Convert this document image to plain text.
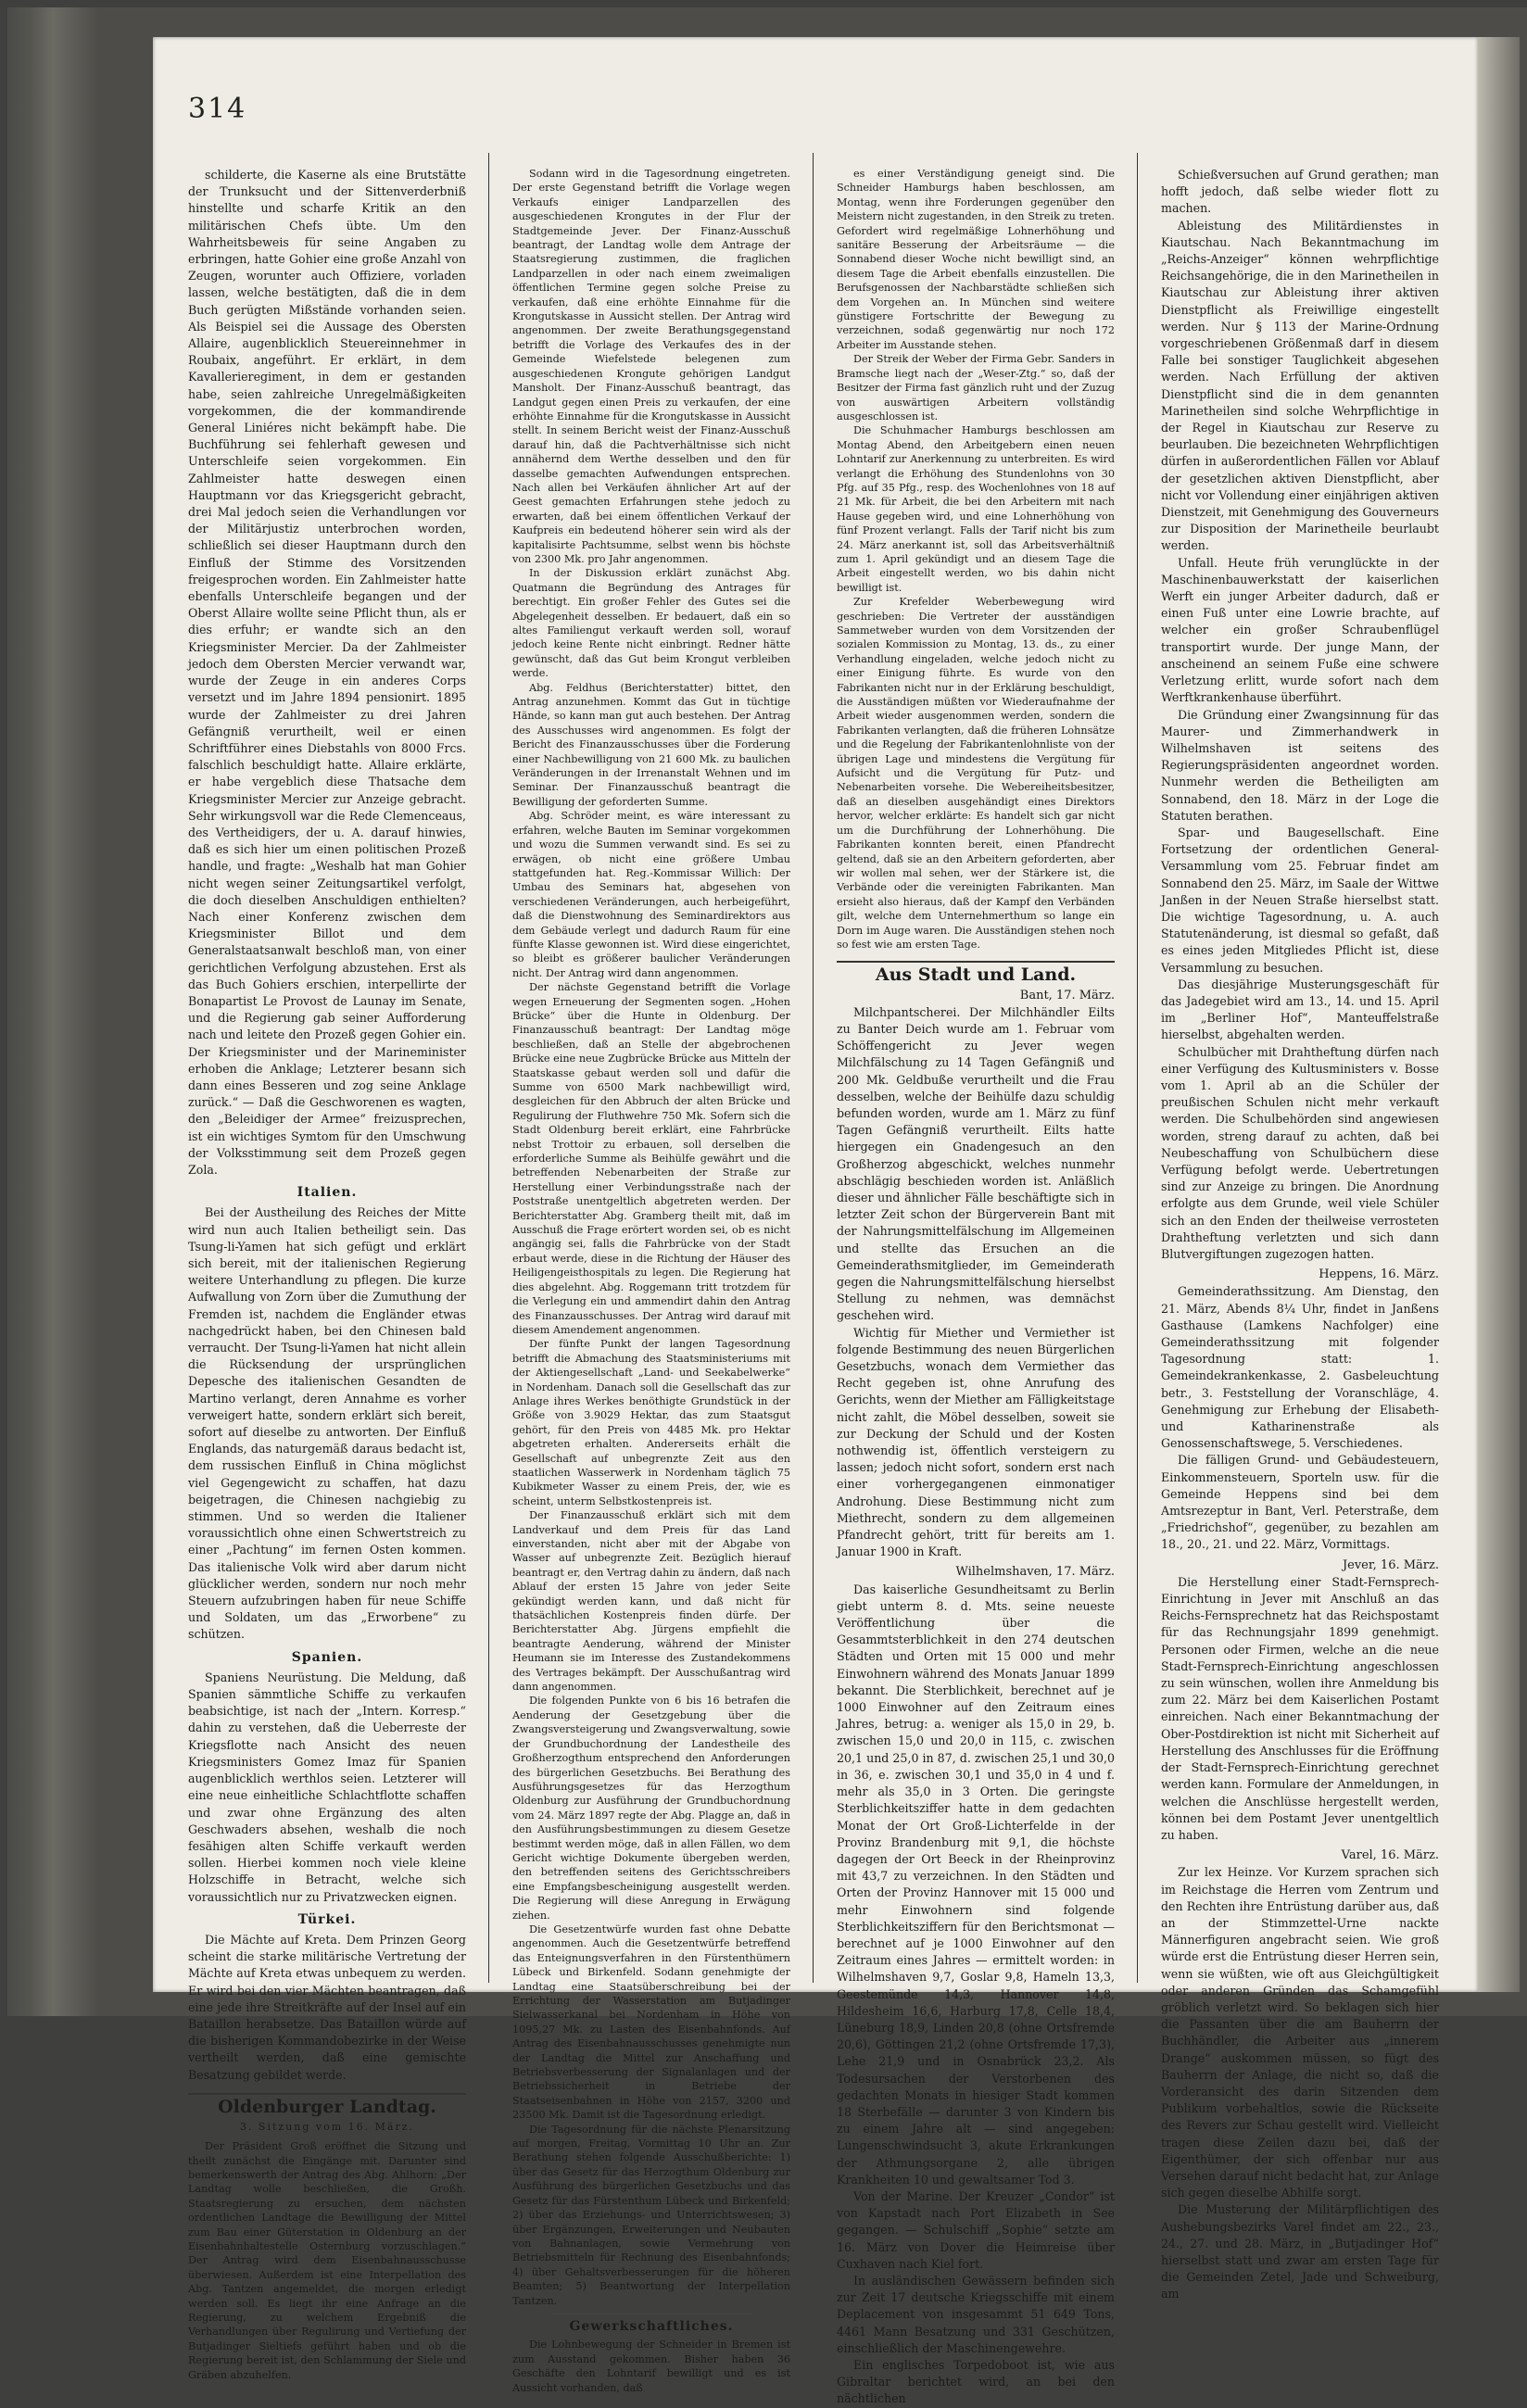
314

schilderte, die Kaserne als eine Brutstätte der Trunksucht und der Sittenverderbniß hinstellte und scharfe Kritik an den militärischen Chefs übte. Um den Wahrheitsbeweis für seine Angaben zu erbringen, hatte Gohier eine große Anzahl von Zeugen, worunter auch Offiziere, vorladen lassen, welche bestätigten, daß die in dem Buch gerügten Mißstände vorhanden seien. Als Beispiel sei die Aussage des Obersten Allaire, augenblicklich Steuereinnehmer in Roubaix, angeführt. Er erklärt, in dem Kavallerieregiment, in dem er gestanden habe, seien zahlreiche Unregelmäßigkeiten vorgekommen, die der kommandirende General Liniéres nicht bekämpft habe. Die Buchführung sei fehlerhaft gewesen und Unterschleife seien vorgekommen. Ein Zahlmeister hatte deswegen einen Hauptmann vor das Kriegsgericht gebracht, drei Mal jedoch seien die Verhandlungen vor der Militärjustiz unterbrochen worden, schließlich sei dieser Hauptmann durch den Einfluß der Stimme des Vorsitzenden freigesprochen worden. Ein Zahlmeister hatte ebenfalls Unterschleife begangen und der Oberst Allaire wollte seine Pflicht thun, als er dies erfuhr; er wandte sich an den Kriegsminister Mercier. Da der Zahlmeister jedoch dem Obersten Mercier verwandt war, wurde der Zeuge in ein anderes Corps versetzt und im Jahre 1894 pensionirt. 1895 wurde der Zahlmeister zu drei Jahren Gefängniß verurtheilt, weil er einen Schriftführer eines Diebstahls von 8000 Frcs. falschlich beschuldigt hatte. Allaire erklärte, er habe vergeblich diese Thatsache dem Kriegsminister Mercier zur Anzeige gebracht. Sehr wirkungsvoll war die Rede Clemenceaus, des Vertheidigers, der u. A. darauf hinwies, daß es sich hier um einen politischen Prozeß handle, und fragte: „Weshalb hat man Gohier nicht wegen seiner Zeitungsartikel verfolgt, die doch dieselben Anschuldigen enthielten? Nach einer Konferenz zwischen dem Kriegsminister Billot und dem Generalstaatsanwalt beschloß man, von einer gerichtlichen Verfolgung abzustehen. Erst als das Buch Gohiers erschien, interpellirte der Bonapartist Le Provost de Launay im Senate, und die Regierung gab seiner Aufforderung nach und leitete den Prozeß gegen Gohier ein. Der Kriegsminister und der Marineminister erhoben die Anklage; Letzterer besann sich dann eines Besseren und zog seine Anklage zurück.“ — Daß die Geschworenen es wagten, den „Beleidiger der Armee“ freizusprechen, ist ein wichtiges Symtom für den Umschwung der Volksstimmung seit dem Prozeß gegen Zola.

Italien.

Bei der Austheilung des Reiches der Mitte wird nun auch Italien betheiligt sein. Das Tsung-li-Yamen hat sich gefügt und erklärt sich bereit, mit der italienischen Regierung weitere Unterhandlung zu pflegen. Die kurze Aufwallung von Zorn über die Zumuthung der Fremden ist, nachdem die Engländer etwas nachgedrückt haben, bei den Chinesen bald verraucht. Der Tsung-li-Yamen hat nicht allein die Rücksendung der ursprünglichen Depesche des italienischen Gesandten de Martino verlangt, deren Annahme es vorher verweigert hatte, sondern erklärt sich bereit, sofort auf dieselbe zu antworten. Der Einfluß Englands, das naturgemäß daraus bedacht ist, dem russischen Einfluß in China möglichst viel Gegengewicht zu schaffen, hat dazu beigetragen, die Chinesen nachgiebig zu stimmen. Und so werden die Italiener voraussichtlich ohne einen Schwertstreich zu einer „Pachtung“ im fernen Osten kommen. Das italienische Volk wird aber darum nicht glücklicher werden, sondern nur noch mehr Steuern aufzubringen haben für neue Schiffe und Soldaten, um das „Erworbene“ zu schützen.

Spanien.

Spaniens Neurüstung. Die Meldung, daß Spanien sämmtliche Schiffe zu verkaufen beabsichtige, ist nach der „Intern. Korresp.“ dahin zu verstehen, daß die Ueberreste der Kriegsflotte nach Ansicht des neuen Kriegsministers Gomez Imaz für Spanien augenblicklich werthlos seien. Letzterer will eine neue einheitliche Schlachtflotte schaffen und zwar ohne Ergänzung des alten Geschwaders absehen, weshalb die noch fesähigen alten Schiffe verkauft werden sollen. Hierbei kommen noch viele kleine Holzschiffe in Betracht, welche sich voraussichtlich nur zu Privatzwecken eignen.

Türkei.

Die Mächte auf Kreta. Dem Prinzen Georg scheint die starke militärische Vertretung der Mächte auf Kreta etwas unbequem zu werden. Er wird bei den vier Mächten beantragen, daß eine jede ihre Streitkräfte auf der Insel auf ein Bataillon herabsetze. Das Bataillon würde auf die bisherigen Kommandobezirke in der Weise vertheilt werden, daß eine gemischte Besatzung gebildet werde.

Oldenburger Landtag.
3. Sitzung vom 16. März.

Der Präsident Groß eröffnet die Sitzung und theilt zunächst die Eingänge mit. Darunter sind bemerkenswerth der Antrag des Abg. Ahlhorn: „Der Landtag wolle beschließen, die Großh. Staatsregierung zu ersuchen, dem nächsten ordentlichen Landtage die Bewilligung der Mittel zum Bau einer Güterstation in Oldenburg an der Eisenbahnhaltestelle Osternburg vorzuschlagen.“ Der Antrag wird dem Eisenbahnausschusse überwiesen. Außerdem ist eine Interpellation des Abg. Tantzen angemeldet, die morgen erledigt werden soll. Es liegt ihr eine Anfrage an die Regierung, zu welchem Ergebniß die Verhandlungen über Regulirung und Vertiefung der Butjadinger Sieltiefs geführt haben und ob die Regierung bereit ist, den Schlammung der Siele und Gräben abzuhelfen.

Sodann wird in die Tagesordnung eingetreten. Der erste Gegenstand betrifft die Vorlage wegen Verkaufs einiger Landparzellen des ausgeschiedenen Krongutes in der Flur der Stadtgemeinde Jever. Der Finanz-Ausschuß beantragt, der Landtag wolle dem Antrage der Staatsregierung zustimmen, die fraglichen Landparzellen in oder nach einem zweimaligen öffentlichen Termine gegen solche Preise zu verkaufen, daß eine erhöhte Einnahme für die Krongutskasse in Aussicht stellen. Der Antrag wird angenommen. Der zweite Berathungsgegenstand betrifft die Vorlage des Verkaufes des in der Gemeinde Wiefelstede belegenen zum ausgeschiedenen Krongute gehörigen Landgut Mansholt. Der Finanz-Ausschuß beantragt, das Landgut gegen einen Preis zu verkaufen, der eine erhöhte Einnahme für die Krongutskasse in Aussicht stellt. In seinem Bericht weist der Finanz-Ausschuß darauf hin, daß die Pachtverhältnisse sich nicht annähernd dem Werthe desselben und den für dasselbe gemachten Aufwendungen entsprechen. Nach allen bei Verkäufen ähnlicher Art auf der Geest gemachten Erfahrungen stehe jedoch zu erwarten, daß bei einem öffentlichen Verkauf der Kaufpreis ein bedeutend höherer sein wird als der kapitalisirte Pachtsumme, selbst wenn bis höchste von 2300 Mk. pro Jahr angenommen.

In der Diskussion erklärt zunächst Abg. Quatmann die Begründung des Antrages für berechtigt. Ein großer Fehler des Gutes sei die Abgelegenheit desselben. Er bedauert, daß ein so altes Familiengut verkauft werden soll, worauf jedoch keine Rente nicht einbringt. Redner hätte gewünscht, daß das Gut beim Krongut verbleiben werde.

Abg. Feldhus (Berichterstatter) bittet, den Antrag anzunehmen. Kommt das Gut in tüchtige Hände, so kann man gut auch bestehen. Der Antrag des Ausschusses wird angenommen. Es folgt der Bericht des Finanzausschusses über die Forderung einer Nachbewilligung von 21 600 Mk. zu baulichen Veränderungen in der Irrenanstalt Wehnen und im Seminar. Der Finanzausschuß beantragt die Bewilligung der geforderten Summe.

Abg. Schröder meint, es wäre interessant zu erfahren, welche Bauten im Seminar vorgekommen und wozu die Summen verwandt sind. Es sei zu erwägen, ob nicht eine größere Umbau stattgefunden hat. Reg.-Kommissar Willich: Der Umbau des Seminars hat, abgesehen von verschiedenen Veränderungen, auch herbeigeführt, daß die Dienstwohnung des Seminardirektors aus dem Gebäude verlegt und dadurch Raum für eine fünfte Klasse gewonnen ist. Wird diese eingerichtet, so bleibt es größerer baulicher Veränderungen nicht. Der Antrag wird dann angenommen.

Der nächste Gegenstand betrifft die Vorlage wegen Erneuerung der Segmenten sogen. „Hohen Brücke“ über die Hunte in Oldenburg. Der Finanzausschuß beantragt: Der Landtag möge beschließen, daß an Stelle der abgebrochenen Brücke eine neue Zugbrücke Brücke aus Mitteln der Staatskasse gebaut werden soll und dafür die Summe von 6500 Mark nachbewilligt wird, desgleichen für den Abbruch der alten Brücke und Regulirung der Fluthwehre 750 Mk. Sofern sich die Stadt Oldenburg bereit erklärt, eine Fahrbrücke nebst Trottoir zu erbauen, soll derselben die erforderliche Summe als Beihülfe gewährt und die betreffenden Nebenarbeiten der Straße zur Herstellung einer Verbindungsstraße nach der Poststraße unentgeltlich abgetreten werden. Der Berichterstatter Abg. Gramberg theilt mit, daß im Ausschuß die Frage erörtert worden sei, ob es nicht angängig sei, falls die Fahrbrücke von der Stadt erbaut werde, diese in die Richtung der Häuser des Heiligengeisthospitals zu legen. Die Regierung hat dies abgelehnt. Abg. Roggemann tritt trotzdem für die Verlegung ein und ammendirt dahin den Antrag des Finanzausschusses. Der Antrag wird darauf mit diesem Amendement angenommen.

Der fünfte Punkt der langen Tagesordnung betrifft die Abmachung des Staatsministeriums mit der Aktiengesellschaft „Land- und Seekabelwerke“ in Nordenham. Danach soll die Gesellschaft das zur Anlage ihres Werkes benöthigte Grundstück in der Größe von 3.9029 Hektar, das zum Staatsgut gehört, für den Preis von 4485 Mk. pro Hektar abgetreten erhalten. Andererseits erhält die Gesellschaft auf unbegrenzte Zeit aus den staatlichen Wasserwerk in Nordenham täglich 75 Kubikmeter Wasser zu einem Preis, der, wie es scheint, unterm Selbstkostenpreis ist.

Der Finanzausschuß erklärt sich mit dem Landverkauf und dem Preis für das Land einverstanden, nicht aber mit der Abgabe von Wasser auf unbegrenzte Zeit. Bezüglich hierauf beantragt er, den Vertrag dahin zu ändern, daß nach Ablauf der ersten 15 Jahre von jeder Seite gekündigt werden kann, und daß nicht für thatsächlichen Kostenpreis finden dürfe. Der Berichterstatter Abg. Jürgens empfiehlt die beantragte Aenderung, während der Minister Heumann sie im Interesse des Zustandekommens des Vertrages bekämpft. Der Ausschußantrag wird dann angenommen.

Die folgenden Punkte von 6 bis 16 betrafen die Aenderung der Gesetzgebung über die Zwangsversteigerung und Zwangsverwaltung, sowie der Grundbuchordnung der Landestheile des Großherzogthum entsprechend den Anforderungen des bürgerlichen Gesetzbuchs. Bei Berathung des Ausführungsgesetzes für das Herzogthum Oldenburg zur Ausführung der Grundbuchordnung vom 24. März 1897 regte der Abg. Plagge an, daß in den Ausführungsbestimmungen zu diesem Gesetze bestimmt werden möge, daß in allen Fällen, wo dem Gericht wichtige Dokumente übergeben werden, den betreffenden seitens des Gerichtsschreibers eine Empfangsbescheinigung ausgestellt werden. Die Regierung will diese Anregung in Erwägung ziehen.

Die Gesetzentwürfe wurden fast ohne Debatte angenommen. Auch die Gesetzentwürfe betreffend das Enteignungsverfahren in den Fürstenthümern Lübeck und Birkenfeld. Sodann genehmigte der Landtag eine Staatsüberschreibung bei der Errichtung der Wasserstation am Butjadinger Sielwasserkanal bei Nordenham in Höhe von 1095,27 Mk. zu Lasten des Eisenbahnfonds. Auf Antrag des Eisenbahnausschusses genehmigte nun der Landtag die Mittel zur Anschaffung und Betriebsverbesserung der Signalanlagen und der Betriebssicherheit in Betriebe der Staatseisenbahnen in Höhe von 2157, 3200 und 23500 Mk. Damit ist die Tagesordnung erledigt.

Die Tagesordnung für die nächste Plenarsitzung auf morgen, Freitag, Vormittag 10 Uhr an. Zur Berathung stehen folgende Ausschußberichte: 1) über das Gesetz für das Herzogthum Oldenburg zur Ausführung des bürgerlichen Gesetzbuchs und das Gesetz für das Fürstenthum Lübeck und Birkenfeld; 2) über das Erziehungs- und Unterrichtswesen; 3) über Ergänzungen, Erweiterungen und Neubauten von Bahnanlagen, sowie Vermehrung von Betriebsmitteln für Rechnung des Eisenbahnfonds; 4) über Gehaltsverbesserungen für die höheren Beamten; 5) Beantwortung der Interpellation Tantzen.

Gewerkschaftliches.

Die Lohnbewegung der Schneider in Bremen ist zum Ausstand gekommen. Bisher haben 36 Geschäfte den Lohntarif bewilligt und es ist Aussicht vorhanden, daß

es einer Verständigung geneigt sind. Die Schneider Hamburgs haben beschlossen, am Montag, wenn ihre Forderungen gegenüber den Meistern nicht zugestanden, in den Streik zu treten. Gefordert wird regelmäßige Lohnerhöhung und sanitäre Besserung der Arbeitsräume — die Sonnabend dieser Woche nicht bewilligt sind, an diesem Tage die Arbeit ebenfalls einzustellen. Die Berufsgenossen der Nachbarstädte schließen sich dem Vorgehen an. In München sind weitere günstigere Fortschritte der Bewegung zu verzeichnen, sodaß gegenwärtig nur noch 172 Arbeiter im Ausstande stehen.

Der Streik der Weber der Firma Gebr. Sanders in Bramsche liegt nach der „Weser-Ztg.“ so, daß der Besitzer der Firma fast gänzlich ruht und der Zuzug von auswärtigen Arbeitern vollständig ausgeschlossen ist.

Die Schuhmacher Hamburgs beschlossen am Montag Abend, den Arbeitgebern einen neuen Lohntarif zur Anerkennung zu unterbreiten. Es wird verlangt die Erhöhung des Stundenlohns von 30 Pfg. auf 35 Pfg., resp. des Wochenlohnes von 18 auf 21 Mk. für Arbeit, die bei den Arbeitern mit nach Hause gegeben wird, und eine Lohnerhöhung von fünf Prozent verlangt. Falls der Tarif nicht bis zum 24. März anerkannt ist, soll das Arbeitsverhältniß zum 1. April gekündigt und an diesem Tage die Arbeit eingestellt werden, wo bis dahin nicht bewilligt ist.

Zur Krefelder Weberbewegung wird geschrieben: Die Vertreter der ausständigen Sammetweber wurden von dem Vorsitzenden der sozialen Kommission zu Montag, 13. ds., zu einer Verhandlung eingeladen, welche jedoch nicht zu einer Einigung führte. Es wurde von den Fabrikanten nicht nur in der Erklärung beschuldigt, die Ausständigen müßten vor Wiederaufnahme der Arbeit wieder ausgenommen werden, sondern die Fabrikanten verlangten, daß die früheren Lohnsätze und die Regelung der Fabrikantenlohnliste von der übrigen Lage und mindestens die Vergütung für Aufsicht und die Vergütung für Putz- und Nebenarbeiten vorsehe. Die Webereiheitsbesitzer, daß an dieselben ausgehändigt eines Direktors hervor, welcher erklärte: Es handelt sich gar nicht um die Durchführung der Lohnerhöhung. Die Fabrikanten konnten bereit, einen Pfandrecht geltend, daß sie an den Arbeitern geforderten, aber wir wollen mal sehen, wer der Stärkere ist, die Verbände oder die vereinigten Fabrikanten. Man ersieht also hieraus, daß der Kampf den Verbänden gilt, welche dem Unternehmerthum so lange ein Dorn im Auge waren. Die Ausständigen stehen noch so fest wie am ersten Tage.

Aus Stadt und Land.
Bant, 17. März.

Milchpantscherei. Der Milchhändler Eilts zu Banter Deich wurde am 1. Februar vom Schöffengericht zu Jever wegen Milchfälschung zu 14 Tagen Gefängniß und 200 Mk. Geldbuße verurtheilt und die Frau desselben, welche der Beihülfe dazu schuldig befunden worden, wurde am 1. März zu fünf Tagen Gefängniß verurtheilt. Eilts hatte hiergegen ein Gnadengesuch an den Großherzog abgeschickt, welches nunmehr abschlägig beschieden worden ist. Anläßlich dieser und ähnlicher Fälle beschäftigte sich in letzter Zeit schon der Bürgerverein Bant mit der Nahrungsmittelfälschung im Allgemeinen und stellte das Ersuchen an die Gemeinderathsmitglieder, im Gemeinderath gegen die Nahrungsmittelfälschung hierselbst Stellung zu nehmen, was demnächst geschehen wird.

Wichtig für Miether und Vermiether ist folgende Bestimmung des neuen Bürgerlichen Gesetzbuchs, wonach dem Vermiether das Recht gegeben ist, ohne Anrufung des Gerichts, wenn der Miether am Fälligkeitstage nicht zahlt, die Möbel desselben, soweit sie zur Deckung der Schuld und der Kosten nothwendig ist, öffentlich versteigern zu lassen; jedoch nicht sofort, sondern erst nach einer vorhergegangenen einmonatiger Androhung. Diese Bestimmung nicht zum Miethrecht, sondern zu dem allgemeinen Pfandrecht gehört, tritt für bereits am 1. Januar 1900 in Kraft.

Wilhelmshaven, 17. März.

Das kaiserliche Gesundheitsamt zu Berlin giebt unterm 8. d. Mts. seine neueste Veröffentlichung über die Gesammtsterblichkeit in den 274 deutschen Städten und Orten mit 15 000 und mehr Einwohnern während des Monats Januar 1899 bekannt. Die Sterblichkeit, berechnet auf je 1000 Einwohner auf den Zeitraum eines Jahres, betrug: a. weniger als 15,0 in 29, b. zwischen 15,0 und 20,0 in 115, c. zwischen 20,1 und 25,0 in 87, d. zwischen 25,1 und 30,0 in 36, e. zwischen 30,1 und 35,0 in 4 und f. mehr als 35,0 in 3 Orten. Die geringste Sterblichkeitsziffer hatte in dem gedachten Monat der Ort Groß-Lichterfelde in der Provinz Brandenburg mit 9,1, die höchste dagegen der Ort Beeck in der Rheinprovinz mit 43,7 zu verzeichnen. In den Städten und Orten der Provinz Hannover mit 15 000 und mehr Einwohnern sind folgende Sterblichkeitsziffern für den Berichtsmonat — berechnet auf je 1000 Einwohner auf den Zeitraum eines Jahres — ermittelt worden: in Wilhelmshaven 9,7, Goslar 9,8, Hameln 13,3, Geestemünde 14,3, Hannover 14,8, Hildesheim 16,6, Harburg 17,8, Celle 18,4, Lüneburg 18,9, Linden 20,8 (ohne Ortsfremde 20,6), Göttingen 21,2 (ohne Ortsfremde 17,3), Lehe 21,9 und in Osnabrück 23,2. Als Todesursachen der Verstorbenen des gedachten Monats in hiesiger Stadt kommen 18 Sterbefälle — darunter 3 von Kindern bis zu einem Jahre alt — sind angegeben: Lungenschwindsucht 3, akute Erkrankungen der Athmungsorgane 2, alle übrigen Krankheiten 10 und gewaltsamer Tod 3.

Von der Marine. Der Kreuzer „Condor“ ist von Kapstadt nach Port Elizabeth in See gegangen. — Schulschiff „Sophie“ setzte am 16. März von Dover die Heimreise über Cuxhaven nach Kiel fort.

In ausländischen Gewässern befinden sich zur Zeit 17 deutsche Kriegsschiffe mit einem Deplacement von insgesammt 51 649 Tons, 4461 Mann Besatzung und 331 Geschützen, einschließlich der Maschinengewehre.

Ein englisches Torpedoboot ist, wie aus Gibraltar berichtet wird, an bei den nächtlichen

Schießversuchen auf Grund gerathen; man hofft jedoch, daß selbe wieder flott zu machen.

Ableistung des Militärdienstes in Kiautschau. Nach Bekanntmachung im „Reichs-Anzeiger“ können wehrpflichtige Reichsangehörige, die in den Marinetheilen in Kiautschau zur Ableistung ihrer aktiven Dienstpflicht als Freiwillige eingestellt werden. Nur § 113 der Marine-Ordnung vorgeschriebenen Größenmaß darf in diesem Falle bei sonstiger Tauglichkeit abgesehen werden. Nach Erfüllung der aktiven Dienstpflicht sind die in dem genannten Marinetheilen sind solche Wehrpflichtige in der Regel in Kiautschau zur Reserve zu beurlauben. Die bezeichneten Wehrpflichtigen dürfen in außerordentlichen Fällen vor Ablauf der gesetzlichen aktiven Dienstpflicht, aber nicht vor Vollendung einer einjährigen aktiven Dienstzeit, mit Genehmigung des Gouverneurs zur Disposition der Marinetheile beurlaubt werden.

Unfall. Heute früh verunglückte in der Maschinenbauwerkstatt der kaiserlichen Werft ein junger Arbeiter dadurch, daß er einen Fuß unter eine Lowrie brachte, auf welcher ein großer Schraubenflügel transportirt wurde. Der junge Mann, der anscheinend an seinem Fuße eine schwere Verletzung erlitt, wurde sofort nach dem Werftkrankenhause überführt.

Die Gründung einer Zwangsinnung für das Maurer- und Zimmerhandwerk in Wilhelmshaven ist seitens des Regierungspräsidenten angeordnet worden. Nunmehr werden die Betheiligten am Sonnabend, den 18. März in der Loge die Statuten berathen.

Spar- und Baugesellschaft. Eine Fortsetzung der ordentlichen General-Versammlung vom 25. Februar findet am Sonnabend den 25. März, im Saale der Wittwe Janßen in der Neuen Straße hierselbst statt. Die wichtige Tagesordnung, u. A. auch Statutenänderung, ist diesmal so gefaßt, daß es eines jeden Mitgliedes Pflicht ist, diese Versammlung zu besuchen.

Das diesjährige Musterungsgeschäft für das Jadegebiet wird am 13., 14. und 15. April im „Berliner Hof“, Manteuffelstraße hierselbst, abgehalten werden.

Schulbücher mit Drahtheftung dürfen nach einer Verfügung des Kultusministers v. Bosse vom 1. April ab an die Schüler der preußischen Schulen nicht mehr verkauft werden. Die Schulbehörden sind angewiesen worden, streng darauf zu achten, daß bei Neubeschaffung von Schulbüchern diese Verfügung befolgt werde. Uebertretungen sind zur Anzeige zu bringen. Die Anordnung erfolgte aus dem Grunde, weil viele Schüler sich an den Enden der theilweise verrosteten Drahtheftung verletzten und sich dann Blutvergiftungen zugezogen hatten.

Heppens, 16. März.

Gemeinderathssitzung. Am Dienstag, den 21. März, Abends 8¼ Uhr, findet in Janßens Gasthause (Lamkens Nachfolger) eine Gemeinderathssitzung mit folgender Tagesordnung statt: 1. Gemeindekrankenkasse, 2. Gasbeleuchtung betr., 3. Feststellung der Voranschläge, 4. Genehmigung zur Erhebung der Elisabeth- und Katharinenstraße als Genossenschaftswege, 5. Verschiedenes.

Die fälligen Grund- und Gebäudesteuern, Einkommensteuern, Sporteln usw. für die Gemeinde Heppens sind bei dem Amtsrezeptur in Bant, Verl. Peterstraße, dem „Friedrichshof“, gegenüber, zu bezahlen am 18., 20., 21. und 22. März, Vormittags.

Jever, 16. März.

Die Herstellung einer Stadt-Fernsprech-Einrichtung in Jever mit Anschluß an das Reichs-Fernsprechnetz hat das Reichspostamt für das Rechnungsjahr 1899 genehmigt. Personen oder Firmen, welche an die neue Stadt-Fernsprech-Einrichtung angeschlossen zu sein wünschen, wollen ihre Anmeldung bis zum 22. März bei dem Kaiserlichen Postamt einreichen. Nach einer Bekanntmachung der Ober-Postdirektion ist nicht mit Sicherheit auf Herstellung des Anschlusses für die Eröffnung der Stadt-Fernsprech-Einrichtung gerechnet werden kann. Formulare der Anmeldungen, in welchen die Anschlüsse hergestellt werden, können bei dem Postamt Jever unentgeltlich zu haben.

Varel, 16. März.

Zur lex Heinze. Vor Kurzem sprachen sich im Reichstage die Herren vom Zentrum und den Rechten ihre Entrüstung darüber aus, daß an der Stimmzettel-Urne nackte Männerfiguren angebracht seien. Wie groß würde erst die Entrüstung dieser Herren sein, wenn sie wüßten, wie oft aus Gleichgültigkeit oder anderen Gründen das Schamgefühl gröblich verletzt wird. So beklagen sich hier die Passanten über die am Bauherrn der Buchhändler, die Arbeiter aus „innerem Drange“ auskommen müssen, so fügt des Bauherrn der Anlage, die nicht so, daß die Vorderansicht des darin Sitzenden dem Publikum vorbehaltlos, sowie die Rückseite des Revers zur Schau gestellt wird. Vielleicht tragen diese Zeilen dazu bei, daß der Eigenthümer, der sich offenbar nur aus Versehen darauf nicht bedacht hat, zur Anlage sich gegen dieselbe Abhilfe sorgt.

Die Musterung der Militärpflichtigen des Aushebungsbezirks Varel findet am 22., 23., 24., 27. und 28. März, in „Butjadinger Hof“ hierselbst statt und zwar am ersten Tage für die Gemeinden Zetel, Jade und Schweiburg, am
